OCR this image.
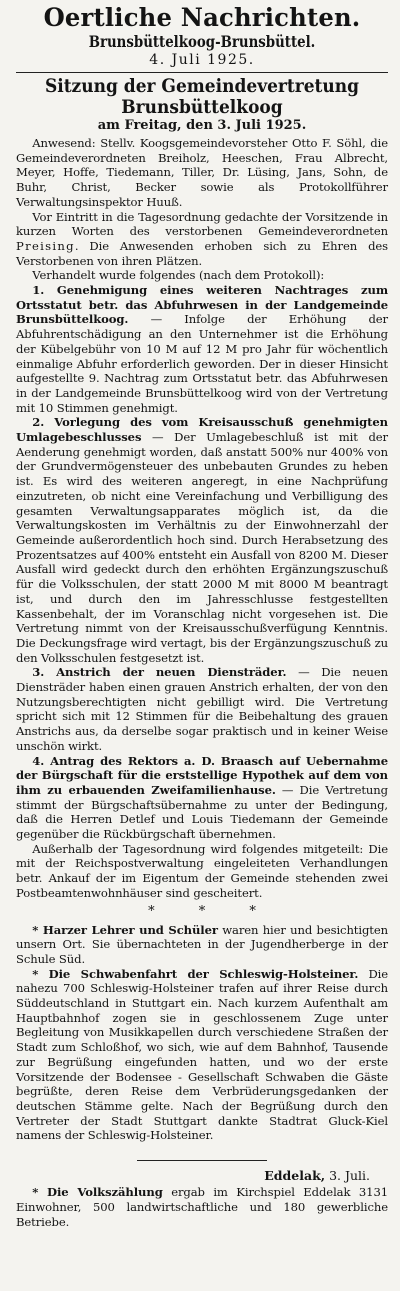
Oertliche Nachrichten.
Brunsbüttelkoog-Brunsbüttel.
4. Juli 1925.
Sitzung der Gemeindevertretung
Brunsbüttelkoog
am Freitag, den 3. Juli 1925.

Anwesend: Stellv. Koogsgemeindevorsteher Otto F. Söhl, die Gemeindeverordneten Breiholz, Heeschen, Frau Albrecht, Meyer, Hoffe, Tiedemann, Tiller, Dr. Lüsing, Jans, Sohn, de Buhr, Christ, Becker sowie als Protokollführer Verwaltungsinspektor Huuß.

Vor Eintritt in die Tagesordnung gedachte der Vorsitzende in kurzen Worten des verstorbenen Gemeindeverordneten Preising. Die Anwesenden erhoben sich zu Ehren des Verstorbenen von ihren Plätzen.

Verhandelt wurde folgendes (nach dem Protokoll):

1. Genehmigung eines weiteren Nachtrages zum Ortsstatut betr. das Abfuhrwesen in der Landgemeinde Brunsbüttelkoog. — Infolge der Erhöhung der Abfuhrentschädigung an den Unternehmer ist die Erhöhung der Kübelgebühr von 10 M auf 12 M pro Jahr für wöchentlich einmalige Abfuhr erforderlich geworden. Der in dieser Hinsicht aufgestellte 9. Nachtrag zum Ortsstatut betr. das Abfuhrwesen in der Landgemeinde Brunsbüttelkoog wird von der Vertretung mit 10 Stimmen genehmigt.

2. Vorlegung des vom Kreisausschuß genehmigten Umlagebeschlusses — Der Umlagebeschluß ist mit der Aenderung genehmigt worden, daß anstatt 500% nur 400% von der Grundvermögensteuer des unbebauten Grundes zu heben ist. Es wird des weiteren angeregt, in eine Nachprüfung einzutreten, ob nicht eine Vereinfachung und Verbilligung des gesamten Verwaltungsapparates möglich ist, da die Verwaltungskosten im Verhältnis zu der Einwohnerzahl der Gemeinde außerordentlich hoch sind. Durch Herabsetzung des Prozentsatzes auf 400% entsteht ein Ausfall von 8200 M. Dieser Ausfall wird gedeckt durch den erhöhten Ergänzungszuschuß für die Volksschulen, der statt 2000 M mit 8000 M beantragt ist, und durch den im Jahresschlusse festgestellten Kassenbehalt, der im Voranschlag nicht vorgesehen ist. Die Vertretung nimmt von der Kreisausschußverfügung Kenntnis. Die Deckungsfrage wird vertagt, bis der Ergänzungszuschuß zu den Volksschulen festgesetzt ist.

3. Anstrich der neuen Diensträder. — Die neuen Diensträder haben einen grauen Anstrich erhalten, der von den Nutzungsberechtigten nicht gebilligt wird. Die Vertretung spricht sich mit 12 Stimmen für die Beibehaltung des grauen Anstrichs aus, da derselbe sogar praktisch und in keiner Weise unschön wirkt.

4. Antrag des Rektors a. D. Braasch auf Uebernahme der Bürgschaft für die erststellige Hypothek auf dem von ihm zu erbauenden Zweifamilienhause. — Die Vertretung stimmt der Bürgschaftsübernahme zu unter der Bedingung, daß die Herren Detlef und Louis Tiedemann der Gemeinde gegenüber die Rückbürgschaft übernehmen.

Außerhalb der Tagesordnung wird folgendes mitgeteilt: Die mit der Reichspostverwaltung eingeleiteten Verhandlungen betr. Ankauf der im Eigentum der Gemeinde stehenden zwei Postbeamtenwohnhäuser sind gescheitert.

* * *

* Harzer Lehrer und Schüler waren hier und besichtigten unsern Ort. Sie übernachteten in der Jugendherberge in der Schule Süd.

* Die Schwabenfahrt der Schleswig-Holsteiner. Die nahezu 700 Schleswig-Holsteiner trafen auf ihrer Reise durch Süddeutschland in Stuttgart ein. Nach kurzem Aufenthalt am Hauptbahnhof zogen sie in geschlossenem Zuge unter Begleitung von Musikkapellen durch verschiedene Straßen der Stadt zum Schloßhof, wo sich, wie auf dem Bahnhof, Tausende zur Begrüßung eingefunden hatten, und wo der erste Vorsitzende der Bodensee - Gesellschaft Schwaben die Gäste begrüßte, deren Reise dem Verbrüderungsgedanken der deutschen Stämme gelte. Nach der Begrüßung durch den Vertreter der Stadt Stuttgart dankte Stadtrat Gluck-Kiel namens der Schleswig-Holsteiner.

Eddelak, 3. Juli.

* Die Volkszählung ergab im Kirchspiel Eddelak 3131 Einwohner, 500 landwirtschaftliche und 180 gewerbliche Betriebe.
